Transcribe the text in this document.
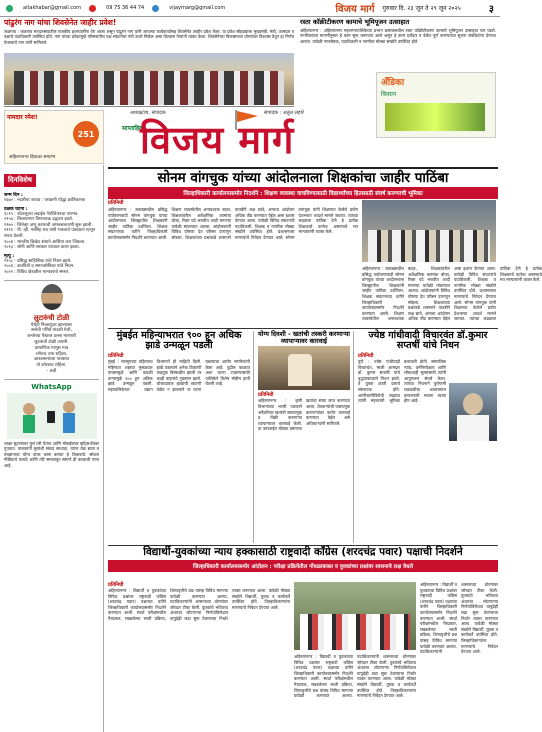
aitakhabar@gmail.com	09 75 36 44 74	vijaymarg@gmail.com	विजय मार्ग गुरुवार दि. २३ जून ते २९ जून २०२५	३
पांढुरंग नाग यांचा शिवसेनेत जाहीर प्रवेश!
जळगाव : जळगाव मतदारसंघातील राजकीय हालचालींना वेग आला असून पांढुरंग नाग यांनी आपल्या कार्यकर्त्यांसह शिवसेनेत जाहीर प्रवेश केला. या प्रवेश सोहळ्याला मुख्यमंत्री, मंत्री, आमदार व पक्षाचे पदाधिकारी उपस्थित होते. नाग यांच्या प्रवेशामुळे परिसरातील पक्ष संघटनेला नवी ऊर्जा मिळेल असा विश्वास नेत्यांनी व्यक्त केला. शिवसेनेच्या विकासाच्या धोरणांवर विश्वास ठेवून हा निर्णय घेतल्याचे नाग यांनी सांगितले.
रस्ता कॉक्रीटीकरण कामाचे भूमिपूजन उत्साहात
अहिल्यानगर : अहिल्यानगर महानगरपालिकेच्या प्रभाग क्रमांकमधील रस्ता कॉक्रीटीकरण कामाचे भूमिपूजन उत्साहात पार पडले. नागरिकांच्या मागणीनुसार हे काम सुरू करण्यात आले असून हे काम दर्जेदार व वेळेत पूर्ण करण्याच्या सूचना संबंधितांना देण्यात आल्या. यावेळी नगरसेवक, पदाधिकारी व नागरिक मोठ्या संख्येने उपस्थित होते.
ॲंडिका
किसान
नामदार रमेश!
251
अहिल्यानगर हिवाळा समारंभ
अध्यक्ष/व्य. संपादक	संपादक : अतुल लहारे
साप्ताहिक
विजय मार्ग
दिनविशेष
जन्म दिन :
१६७० : नदारीचा जाधव : पराक्रमी योद्धा क्रांतिकारक
ठळक घटना :
१८१५ : वॉटरलूच्या लढाईत नेपोलियनचा पराभव.
१९५४ : लिलावनगर विमानतळ उद्घाटन झाले.
१९७५ : जिनेव्हा अणू कराराची अंमलबजावणी सुरू झाली.
१९९१ : पी. व्ही. नरसिंह राव यांनी भारताचे पंतप्रधान म्हणून शपथ घेतली.
२००४ : भारतीय क्रिकेट संघाने आशिया कप जिंकला.
२०१३ : सोनी आणि सरकार यांच्यात करार झाला.
मृत्यू :
१९५८ : प्रसिद्ध साहित्यिक यांचे निधन झाले.
२००४ : कवयित्री व समाजसेविका यांचे निधन.
२०२२ : विविध क्षेत्रातील मान्यवरांचे स्मरण.
लुटारुंची टोळी
येथेही निवडणुका झाल्यावर
सत्तेची गणिते मांडली गेली,
जनतेच्या पैशावर डल्ला मारणारी
लुटारुंची टोळी जमली.
प्रामाणिक माणूस मात्र
रांगेतच उभा राहिला,
आश्वासनांच्या पावसात
तो कोरडाच राहिला.
- कवी
WhatsApp
शाळा सुटल्यावर मुलं घरी येतात आणि मोबाईलवर व्हॉट्सॲपवर गुंततात. पालकांनी मुलांशी संवाद साधावा, त्यांना वेळ द्यावा व तंत्रज्ञानाचा योग्य वापर कसा करावा हे शिकवावे. सोशल मीडियाचे फायदे आणि तोटे समजावून सांगणे ही काळाची गरज आहे.
सोनम वांगचुक यांच्या आंदोलनाला शिक्षकांचा जाहीर पाठिंबा
जिल्हाधिकारी कार्यालयासमोर निदर्शने : शिक्षण व्यवस्था वाचविण्यासाठी विद्यार्थ्यांच्या हितासाठी संघर्ष करण्याची भूमिका
प्रतिनिधी
अहिल्यानगर : लडाखमधील प्रसिद्ध पर्यावरणवादी सोनम वांगचुक यांच्या आंदोलनाला जिल्ह्यातील शिक्षकांनी जाहीर पाठिंबा दर्शविला. शिक्षक संघटनांच्या वतीने जिल्हाधिकारी कार्यालयासमोर निदर्शने करण्यात आली. शिक्षण व्यवस्थेतील अनावश्यक बदल, शिक्षकांवरील अशैक्षणिक कामांचा बोजा, रिक्त पदे भरावीत आदी मागण्या यावेळी मांडण्यात आल्या. आंदोलकांनी विविध घोषणा देत परिसर दणाणून सोडला. शिक्षकांच्या प्रश्नांकडे शासनाने तातडीने लक्ष द्यावे, अन्यथा आंदोलन अधिक तीव्र करण्यात येईल असा इशारा देण्यात आला. यावेळी विविध संघटनांचे पदाधिकारी, शिक्षक व नागरिक मोठ्या संख्येने उपस्थित होते. प्रशासनाला मागण्यांचे निवेदन देण्यात आले. सोनम वांगचुक यांनी शिक्षणात केलेले प्रयोग देशभरात आदर्श मानले जातात. त्यांच्या लढ्याला पाठिंबा देणे हे प्रत्येक शिक्षकाचे कर्तव्य असल्याचे मत मान्यवरांनी व्यक्त केले.
अहिल्यानगर : लडाखमधील प्रसिद्ध पर्यावरणवादी सोनम वांगचुक यांच्या आंदोलनाला जिल्ह्यातील शिक्षकांनी जाहीर पाठिंबा दर्शविला. शिक्षक संघटनांच्या वतीने जिल्हाधिकारी कार्यालयासमोर निदर्शने करण्यात आली. शिक्षण व्यवस्थेतील अनावश्यक बदल, शिक्षकांवरील अशैक्षणिक कामांचा बोजा, रिक्त पदे भरावीत आदी मागण्या यावेळी मांडण्यात आल्या. आंदोलकांनी विविध घोषणा देत परिसर दणाणून सोडला. शिक्षकांच्या प्रश्नांकडे शासनाने तातडीने लक्ष द्यावे, अन्यथा आंदोलन अधिक तीव्र करण्यात येईल असा इशारा देण्यात आला. यावेळी विविध संघटनांचे पदाधिकारी, शिक्षक व नागरिक मोठ्या संख्येने उपस्थित होते. प्रशासनाला मागण्यांचे निवेदन देण्यात आले. सोनम वांगचुक यांनी शिक्षणात केलेले प्रयोग देशभरात आदर्श मानले जातात. त्यांच्या लढ्याला पाठिंबा देणे हे प्रत्येक शिक्षकाचे कर्तव्य असल्याचे मत मान्यवरांनी व्यक्त केले.
मुंबईत महिन्याभरात ९०० हून अधिक झाडे उन्मळून पडली
प्रतिनिधी
मुंबई : मान्सूनच्या पहिल्याच महिन्यात शहरात मुसळधार पावसामुळे आणि वादळी वाऱ्यामुळे ९०० हून अधिक झाडे उन्मळून पडली. महापालिकेच्या उद्यान विभागाने ही माहिती दिली. झाडे पडल्याने अनेक ठिकाणी वाहतूक विस्कळीत झाली तर काही वाहनांचे नुकसान झाले. धोकादायक झाडांची छाटणी वेळेत न झाल्याने या घटना घडल्याचा आरोप नागरिकांनी केला आहे. पुढील काळात अशा घटना टाळण्यासाठी पालिकेने विशेष मोहीम हाती घेतली आहे.
योग्य दिवशी - खतांची तस्करी करणाऱ्या व्यापाऱ्यावर कारवाई
प्रतिनिधी
अहिल्यानगर : कृषी विभागाच्या भरारी पथकाने अवैधरित्या खतांची साठवणूक व विक्री करणाऱ्या व्यापाऱ्यावर कारवाई केली. या कारवाईत मोठ्या प्रमाणात खतांचा साठा जप्त करण्यात आला. शेतकऱ्यांची फसवणूक करणाऱ्यांवर कठोर कारवाई करण्यात येईल असे अधिकाऱ्यांनी सांगितले.
ज्येष्ठ गांधीवादी विचारवंत डॉ.कुमार सप्तर्षी यांचे निधन
प्रतिनिधी
पुणे : ज्येष्ठ गांधीवादी विचारवंत, माजी आमदार डॉ. कुमार सप्तर्षी यांचे वृद्धापकाळाने निधन झाले. ते युवक क्रांती दलाचे संस्थापक होते. आणीबाणीविरोधी लढ्यात त्यांनी महत्त्वाची भूमिका बजावली होती. सामाजिक न्याय, धर्मनिरपेक्षता आणि लोकशाही मूल्यांसाठी त्यांनी आयुष्यभर संघर्ष केला. त्यांच्या निधनाने पुरोगामी चळवळीचा आधारस्तंभ हरपल्याची भावना व्यक्त होत आहे.
विद्यार्थी-युवकांच्या न्याय हक्कासाठी राष्ट्रवादी काँग्रेस (शरदचंद्र पवार) पक्षाची निदर्शने
जिल्हाधिकारी कार्यालयासमोर आंदोलन : परीक्षा प्रक्रियेतील गोंधळाबाबत व युवकांच्या प्रश्नांवर शासनाचे लक्ष वेधले
प्रतिनिधी
अहिल्यानगर : विद्यार्थी व युवकांच्या विविध प्रश्नांवर राष्ट्रवादी काँग्रेस (शरदचंद्र पवार) पक्षाच्या वतीने जिल्हाधिकारी कार्यालयासमोर निदर्शने करण्यात आली. स्पर्धा परीक्षांमधील गैरप्रकार, रखडलेल्या भरती प्रक्रिया, शिष्यवृत्तीचे प्रश्न यांसह विविध मागण्या यावेळी करण्यात आल्या. पदाधिकाऱ्यांनी शासनाच्या धोरणांवर जोरदार टीका केली. युवकांचे भवितव्य अंधारात लोटणाऱ्या निर्णयांविरोधात यापुढेही लढा सुरू ठेवण्याचा निर्धार व्यक्त करण्यात आला. यावेळी मोठ्या संख्येने विद्यार्थी, युवक व कार्यकर्ते उपस्थित होते. जिल्हाधिकाऱ्यांना मागण्यांचे निवेदन देण्यात आले.
अहिल्यानगर : विद्यार्थी व युवकांच्या विविध प्रश्नांवर राष्ट्रवादी काँग्रेस (शरदचंद्र पवार) पक्षाच्या वतीने जिल्हाधिकारी कार्यालयासमोर निदर्शने करण्यात आली. स्पर्धा परीक्षांमधील गैरप्रकार, रखडलेल्या भरती प्रक्रिया, शिष्यवृत्तीचे प्रश्न यांसह विविध मागण्या यावेळी करण्यात आल्या. पदाधिकाऱ्यांनी शासनाच्या धोरणांवर जोरदार टीका केली. युवकांचे भवितव्य अंधारात लोटणाऱ्या निर्णयांविरोधात यापुढेही लढा सुरू ठेवण्याचा निर्धार व्यक्त करण्यात आला. यावेळी मोठ्या संख्येने विद्यार्थी, युवक व कार्यकर्ते उपस्थित होते. जिल्हाधिकाऱ्यांना मागण्यांचे निवेदन देण्यात आले.
अहिल्यानगर : विद्यार्थी व युवकांच्या विविध प्रश्नांवर राष्ट्रवादी काँग्रेस (शरदचंद्र पवार) पक्षाच्या वतीने जिल्हाधिकारी कार्यालयासमोर निदर्शने करण्यात आली. स्पर्धा परीक्षांमधील गैरप्रकार, रखडलेल्या भरती प्रक्रिया, शिष्यवृत्तीचे प्रश्न यांसह विविध मागण्या यावेळी करण्यात आल्या. पदाधिकाऱ्यांनी शासनाच्या धोरणांवर जोरदार टीका केली. युवकांचे भवितव्य अंधारात लोटणाऱ्या निर्णयांविरोधात यापुढेही लढा सुरू ठेवण्याचा निर्धार व्यक्त करण्यात आला. यावेळी मोठ्या संख्येने विद्यार्थी, युवक व कार्यकर्ते उपस्थित होते. जिल्हाधिकाऱ्यांना मागण्यांचे निवेदन देण्यात आले.
